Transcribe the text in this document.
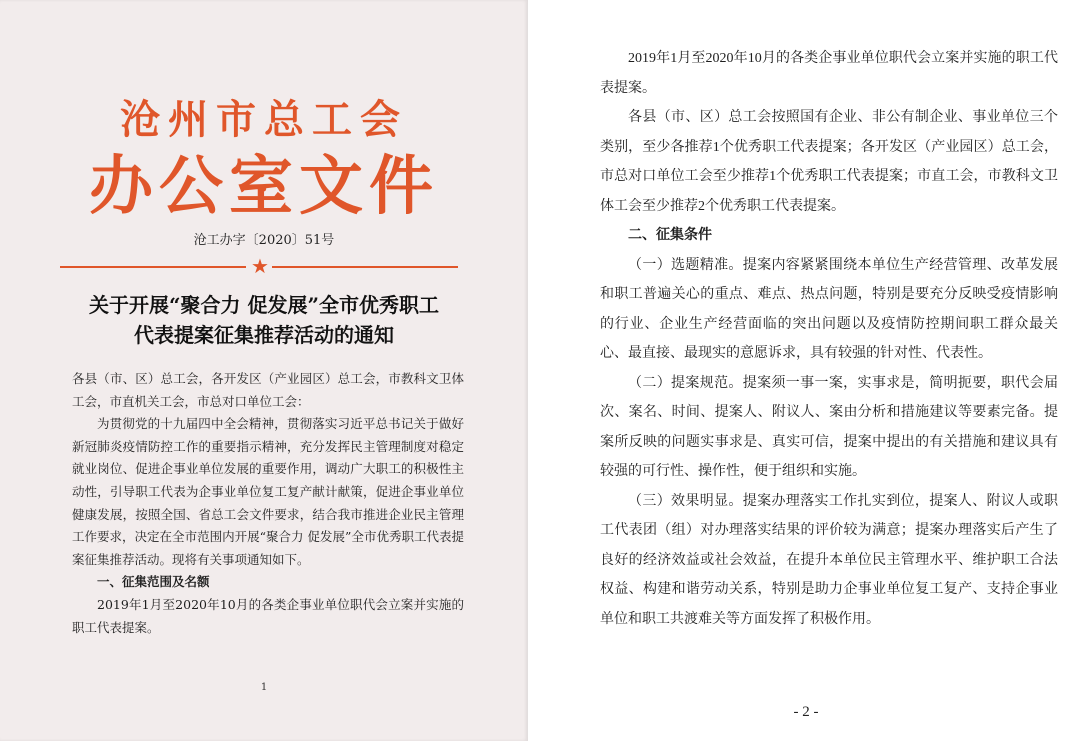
沧州市总工会
办公室文件
沧工办字〔2020〕51号
★
关于开展“聚合力 促发展”全市优秀职工
代表提案征集推荐活动的通知

各县（市、区）总工会，各开发区（产业园区）总工会，市教科文卫体工会，市直机关工会，市总对口单位工会：

为贯彻党的十九届四中全会精神，贯彻落实习近平总书记关于做好新冠肺炎疫情防控工作的重要指示精神，充分发挥民主管理制度对稳定就业岗位、促进企事业单位发展的重要作用，调动广大职工的积极性主动性，引导职工代表为企事业单位复工复产献计献策，促进企事业单位健康发展，按照全国、省总工会文件要求，结合我市推进企业民主管理工作要求，决定在全市范围内开展“聚合力 促发展”全市优秀职工代表提案征集推荐活动。现将有关事项通知如下。

一、征集范围及名额

2019年1月至2020年10月的各类企事业单位职代会立案并实施的职工代表提案。

1

2019年1月至2020年10月的各类企事业单位职代会立案并实施的职工代表提案。

各县（市、区）总工会按照国有企业、非公有制企业、事业单位三个类别，至少各推荐1个优秀职工代表提案；各开发区（产业园区）总工会，市总对口单位工会至少推荐1个优秀职工代表提案；市直工会，市教科文卫体工会至少推荐2个优秀职工代表提案。

二、征集条件

（一）选题精准。提案内容紧紧围绕本单位生产经营管理、改革发展和职工普遍关心的重点、难点、热点问题，特别是要充分反映受疫情影响的行业、企业生产经营面临的突出问题以及疫情防控期间职工群众最关心、最直接、最现实的意愿诉求，具有较强的针对性、代表性。

（二）提案规范。提案须一事一案，实事求是，简明扼要，职代会届次、案名、时间、提案人、附议人、案由分析和措施建议等要素完备。提案所反映的问题实事求是、真实可信，提案中提出的有关措施和建议具有较强的可行性、操作性，便于组织和实施。

（三）效果明显。提案办理落实工作扎实到位，提案人、附议人或职工代表团（组）对办理落实结果的评价较为满意；提案办理落实后产生了良好的经济效益或社会效益，在提升本单位民主管理水平、维护职工合法权益、构建和谐劳动关系，特别是助力企事业单位复工复产、支持企事业单位和职工共渡难关等方面发挥了积极作用。

- 2 -
